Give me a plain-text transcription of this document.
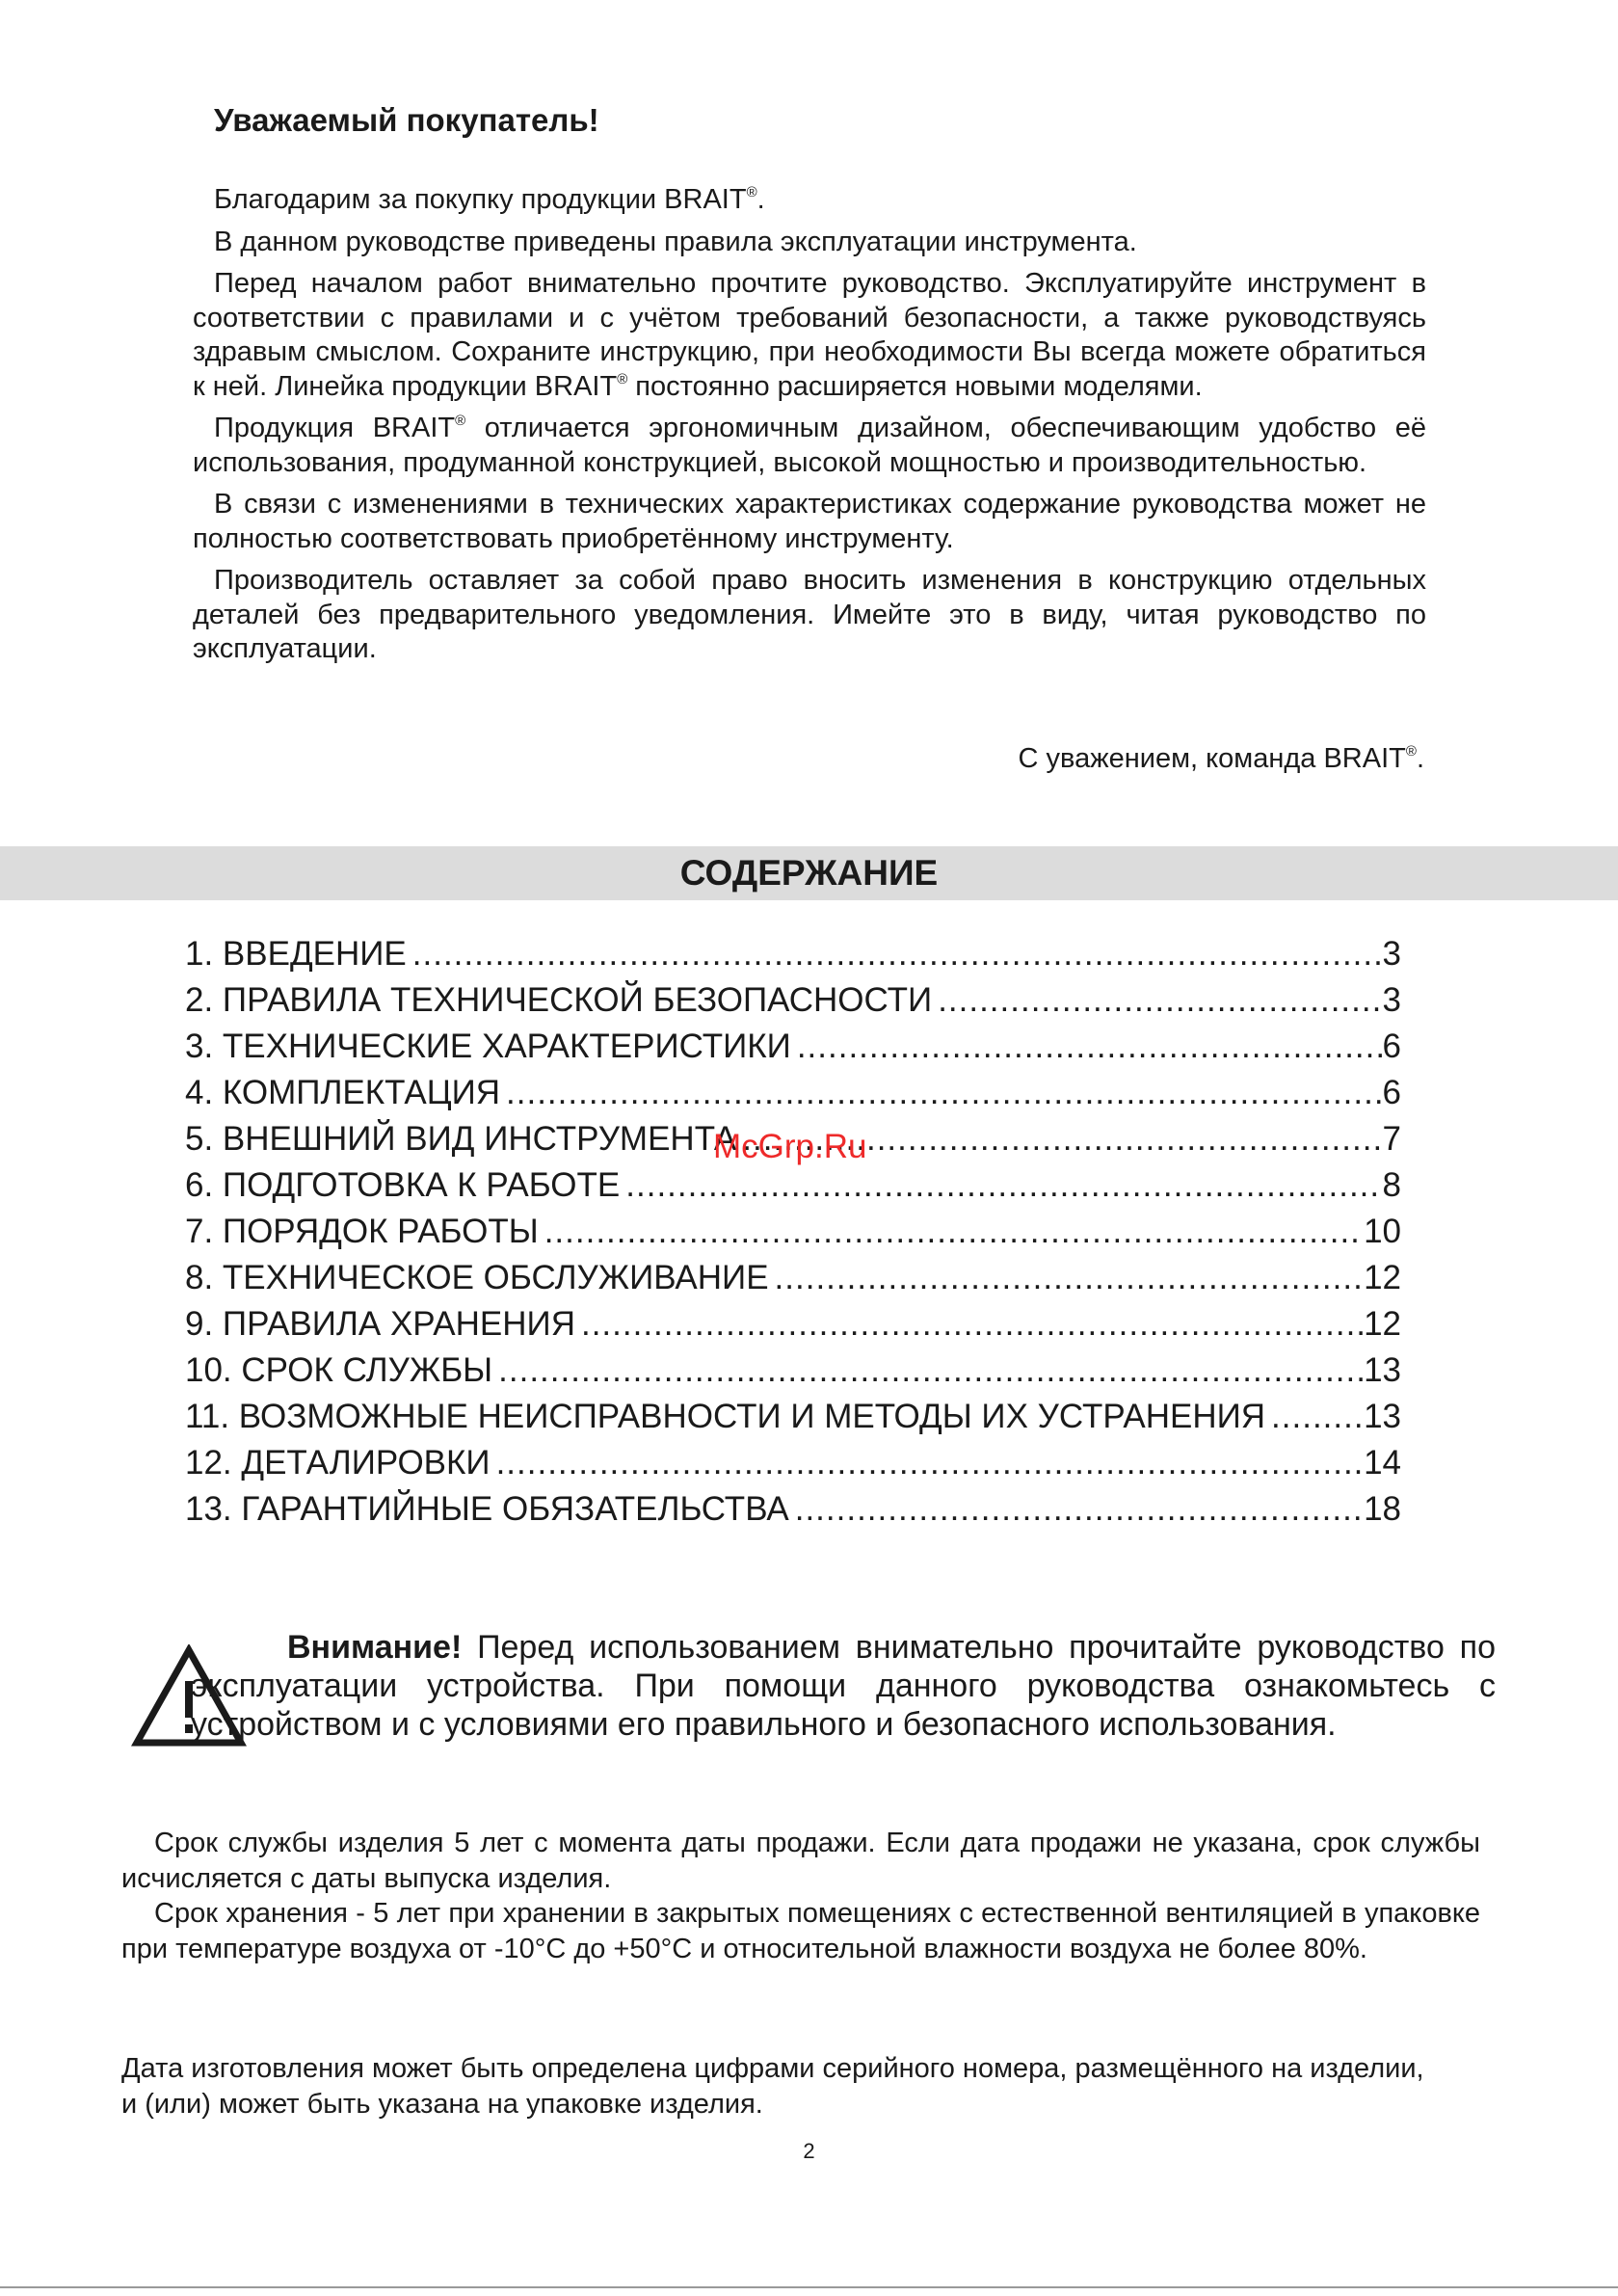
Уважаемый покупатель!

Благодарим за покупку продукции BRAIT®.

В данном руководстве приведены правила эксплуатации инструмента.

Перед началом работ внимательно прочтите руководство. Эксплуатируйте инструмент в соответствии с правилами и с учётом требований безопасности, а также руководствуясь здравым смыслом. Сохраните инструкцию, при необходимости Вы всегда можете обратиться к ней. Линейка продукции BRAIT® постоянно расширяется новыми моделями.

Продукция BRAIT® отличается эргономичным дизайном, обеспечивающим удобство её использования, продуманной конструкцией, высокой мощностью и производительностью.

В связи с изменениями в технических характеристиках содержание руководства может не полностью соответствовать приобретённому инструменту.

Производитель оставляет за собой право вносить изменения в конструкцию отдельных деталей без предварительного уведомления. Имейте это в виду, читая руководство по эксплуатации.

С уважением, команда BRAIT®.
СОДЕРЖАНИЕ
1. ВВЕДЕНИЕ .....	3
2. ПРАВИЛА ТЕХНИЧЕСКОЙ БЕЗОПАСНОСТИ .....	3
3. ТЕХНИЧЕСКИЕ ХАРАКТЕРИСТИКИ .....	6
4. КОМПЛЕКТАЦИЯ .....	6
5. ВНЕШНИЙ ВИД ИНСТРУМЕНТА .....	7
6. ПОДГОТОВКА К РАБОТЕ .....	8
7. ПОРЯДОК РАБОТЫ .....	10
8. ТЕХНИЧЕСКОЕ ОБСЛУЖИВАНИЕ .....	12
9. ПРАВИЛА ХРАНЕНИЯ .....	12
10. СРОК СЛУЖБЫ .....	13
11. ВОЗМОЖНЫЕ НЕИСПРАВНОСТИ И МЕТОДЫ ИХ УСТРАНЕНИЯ .....	13
12. ДЕТАЛИРОВКИ .....	14
13. ГАРАНТИЙНЫЕ ОБЯЗАТЕЛЬСТВА .....	18
McGrp.Ru

Внимание! Перед использованием внимательно прочитайте руководство по эксплуатации устройства. При помощи данного руководства ознакомьтесь с устройством и с условиями его правильного и безопасного использования.

Срок службы изделия 5 лет с момента даты продажи. Если дата продажи не указана, срок службы исчисляется с даты выпуска изделия.

Срок хранения - 5 лет при хранении в закрытых помещениях с естественной вентиляцией в упаковке при температуре воздуха от -10°С до +50°С и относительной влажности воздуха не более 80%.

Дата изготовления может быть определена цифрами серийного номера, размещённого на изделии, и (или) может быть указана на упаковке изделия.

2
